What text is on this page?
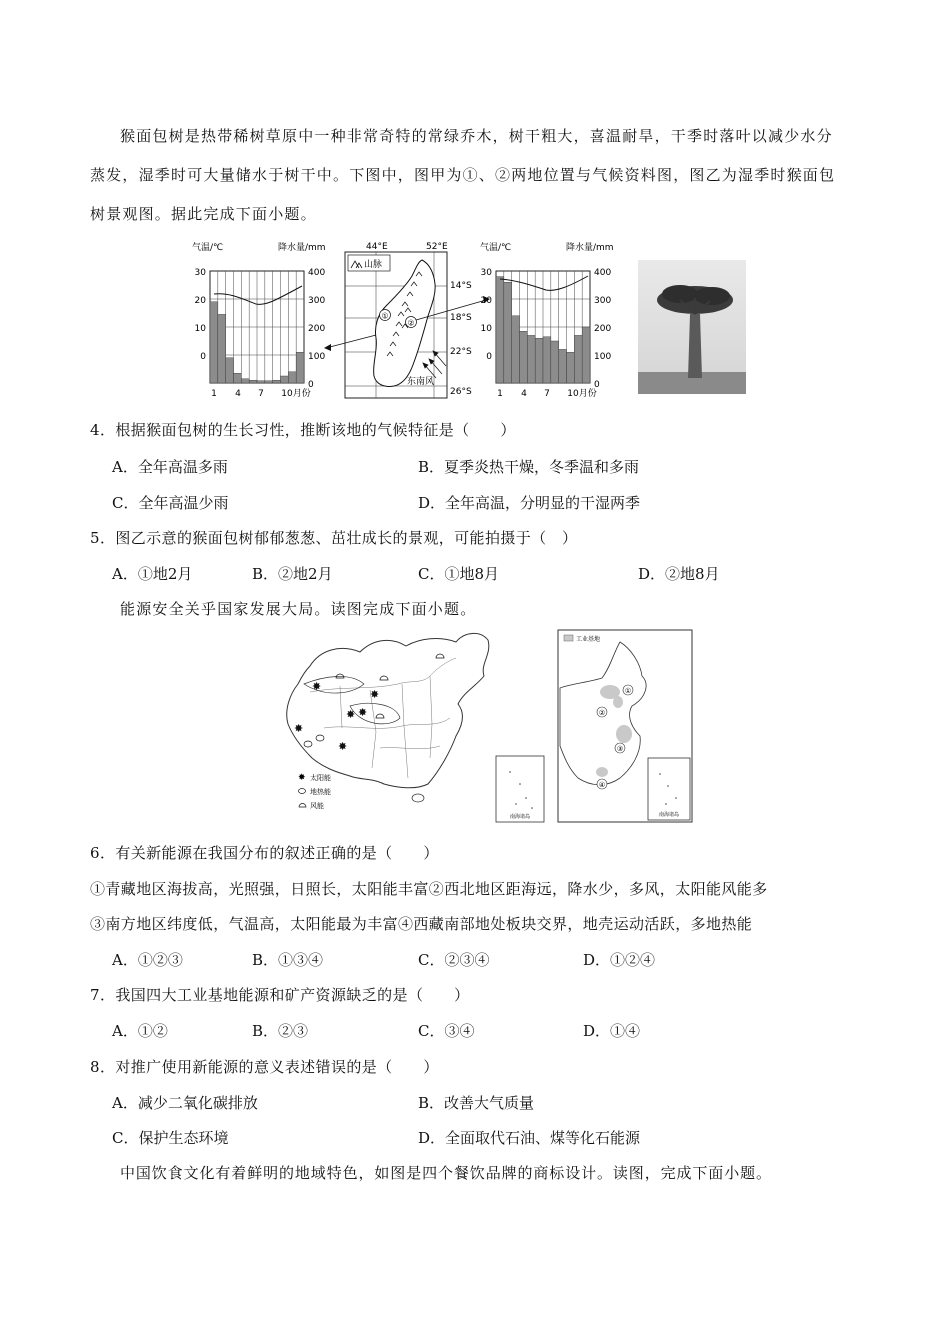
猴面包树是热带稀树草原中一种非常奇特的常绿乔木，树干粗大，喜温耐旱，干季时落叶以减少水分
蒸发，湿季时可大量储水于树干中。下图中，图甲为①、②两地位置与气候资料图，图乙为湿季时猴面包
树景观图。据此完成下面小题。
气温/℃	降水量/mm
30
20
10
0
400
300
200
100
0
1 4 7 10月份
44°E	52°E
山脉
①
②
东南风
14°S
18°S
22°S
26°S
气温/℃	降水量/mm
30
20
10
0
400
300
200
100
0
1 4 7 10月份
4．根据猴面包树的生长习性，推断该地的气候特征是（　　）
A．全年高温多雨	B．夏季炎热干燥，冬季温和多雨
C．全年高温少雨	D．全年高温，分明显的干湿两季
5．图乙示意的猴面包树郁郁葱葱、茁壮成长的景观，可能拍摄于（　）
A．①地2月	B．②地2月	C．①地8月	D．②地8月
能源安全关乎国家发展大局。读图完成下面小题。
✸
✸
✸
✸
✸
✸
✸ 太阳能
地热能
风能
南海诸岛
工业基地
①
②
③
④
南海诸岛
6．有关新能源在我国分布的叙述正确的是（　　）
①青藏地区海拔高，光照强，日照长，太阳能丰富②西北地区距海远，降水少，多风，太阳能风能多
③南方地区纬度低，气温高，太阳能最为丰富④西藏南部地处板块交界，地壳运动活跃，多地热能
A．①②③	B．①③④	C．②③④	D．①②④
7．我国四大工业基地能源和矿产资源缺乏的是（　　）
A．①②	B．②③	C．③④	D．①④
8．对推广使用新能源的意义表述错误的是（　　）
A．减少二氧化碳排放	B．改善大气质量
C．保护生态环境	D．全面取代石油、煤等化石能源
中国饮食文化有着鲜明的地域特色，如图是四个餐饮品牌的商标设计。读图，完成下面小题。
